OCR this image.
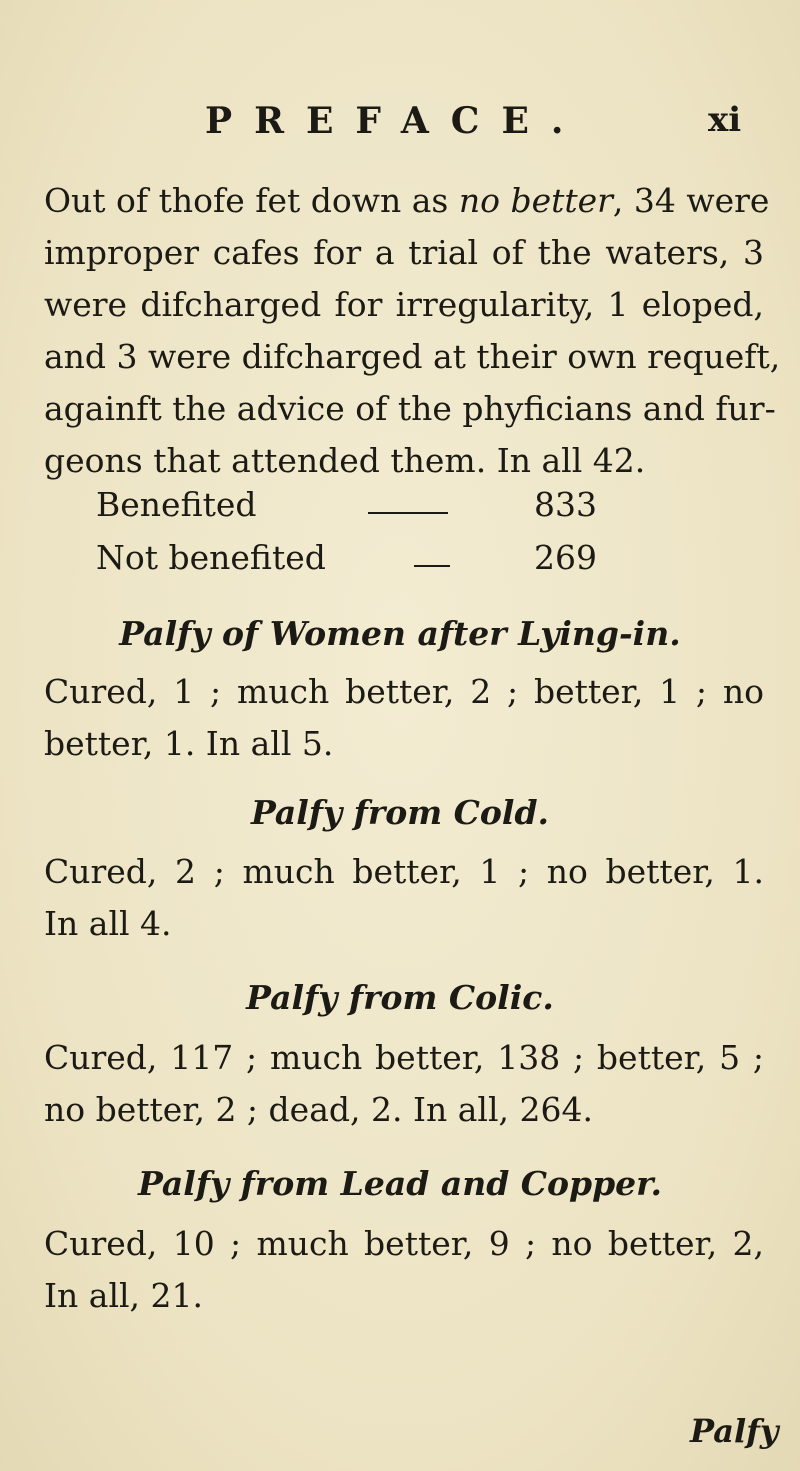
PREFACE.	xi
Out of thofe fet down as no better, 34 were
improper cafes for a trial of the waters, 3
were difcharged for irregularity, 1 eloped,
and 3 were difcharged at their own requeft,
againft the advice of the phyficians and fur-
geons that attended them. In all 42.
Benefited	833
Not benefited	269
Palfy of Women after Lying-in.
Cured, 1 ; much better, 2 ; better, 1 ; no
better, 1. In all 5.
Palfy from Cold.
Cured, 2 ; much better, 1 ; no better, 1.
In all 4.
Palfy from Colic.
Cured, 117 ; much better, 138 ; better, 5 ;
no better, 2 ; dead, 2. In all, 264.
Palfy from Lead and Copper.
Cured, 10 ; much better, 9 ; no better, 2,
In all, 21.
Palfy
